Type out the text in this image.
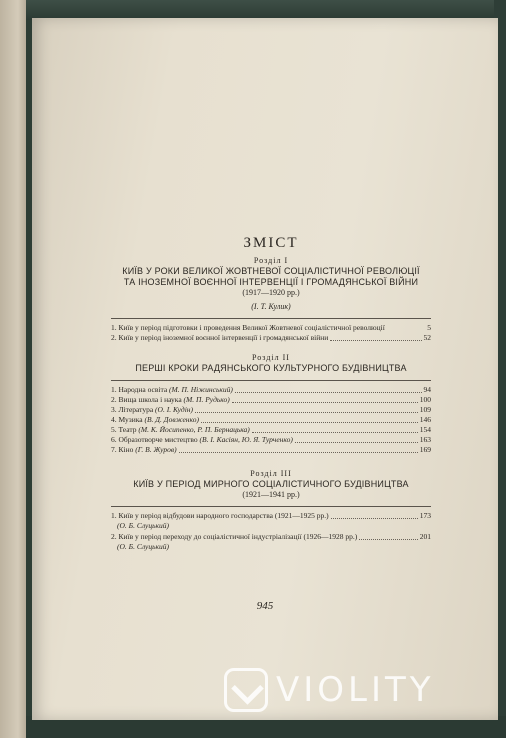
ЗМІСТ
Розділ І
КИЇВ У РОКИ ВЕЛИКОЇ ЖОВТНЕВОЇ СОЦІАЛІСТИЧНОЇ РЕВОЛЮЦІЇ
ТА ІНОЗЕМНОЇ ВОЄННОЇ ІНТЕРВЕНЦІЇ І ГРОМАДЯНСЬКОЇ ВІЙНИ
(1917—1920 рр.)
(І. Т. Кулик)
1. Київ у період підготовки і проведення Великої Жовтневої соціалістичної революції	5
2. Київ у період іноземної воєнної інтервенції і громадянської війни	52
Розділ ІІ
ПЕРШІ КРОКИ РАДЯНСЬКОГО КУЛЬТУРНОГО БУДІВНИЦТВА
1. Народна освіта
(М. П. Ніжинський)	94
2. Вища школа і наука
(М. П. Рудько)	100
3. Література
(О. І. Кудін)	109
4. Музика
(В. Д. Довженко)	146
5. Театр
(М. К. Йосипенко, Р. П. Бернацька)	154
6. Образотворче мистецтво
(В. І. Касіян, Ю. Я. Турченко)	163
7. Кіно
(Г. В. Журов)	169
Розділ ІІІ
КИЇВ У ПЕРІОД МИРНОГО СОЦІАЛІСТИЧНОГО БУДІВНИЦТВА
(1921—1941 рр.)
1. Київ у період відбудови народного господарства (1921—1925 рр.)	173
(О. Б. Слуцький)
2. Київ у період переходу до соціалістичної індустріалізації (1926—1928 рр.)	201
(О. Б. Слуцький)
945
VIOLITY
